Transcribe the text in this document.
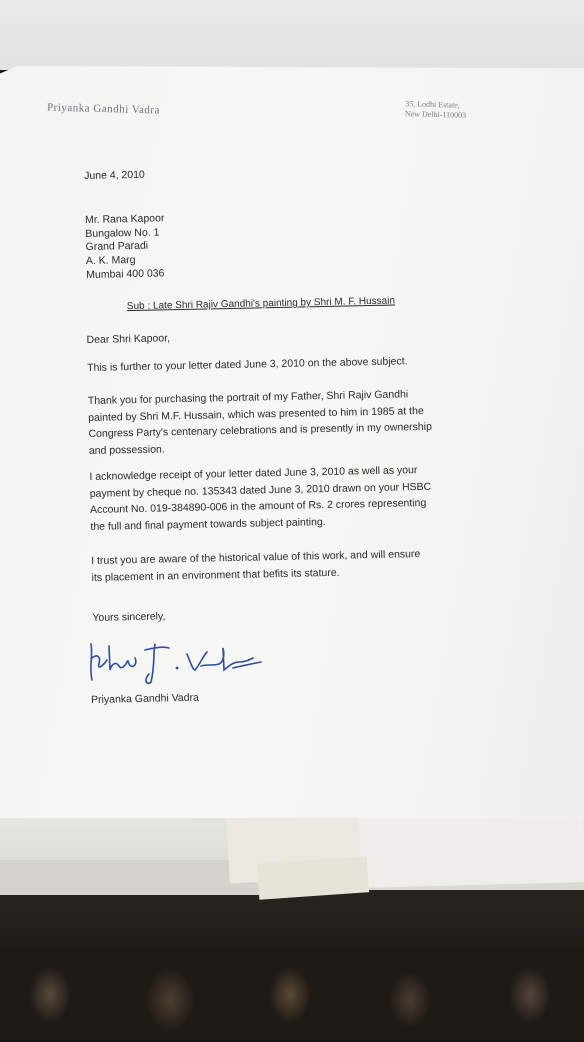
Priyanka Gandhi Vadra	35, Lodhi Estate,
New Delhi-110003
June 4, 2010
Mr. Rana Kapoor
Bungalow No. 1
Grand Paradi
A. K. Marg
Mumbai 400 036
Sub : Late Shri Rajiv Gandhi's painting by Shri M. F. Hussain
Dear Shri Kapoor,
This is further to your letter dated June 3, 2010 on the above subject.
Thank you for purchasing the portrait of my Father, Shri Rajiv Gandhi
painted by Shri M.F. Hussain, which was presented to him in 1985 at the
Congress Party's centenary celebrations and is presently in my ownership
and possession.
I acknowledge receipt of your letter dated June 3, 2010 as well as your
payment by cheque no. 135343 dated June 3, 2010 drawn on your HSBC
Account No. 019-384890-006 in the amount of Rs. 2 crores representing
the full and final payment towards subject painting.
I trust you are aware of the historical value of this work, and will ensure
its placement in an environment that befits its stature.
Yours sincerely,
Priyanka Gandhi Vadra
